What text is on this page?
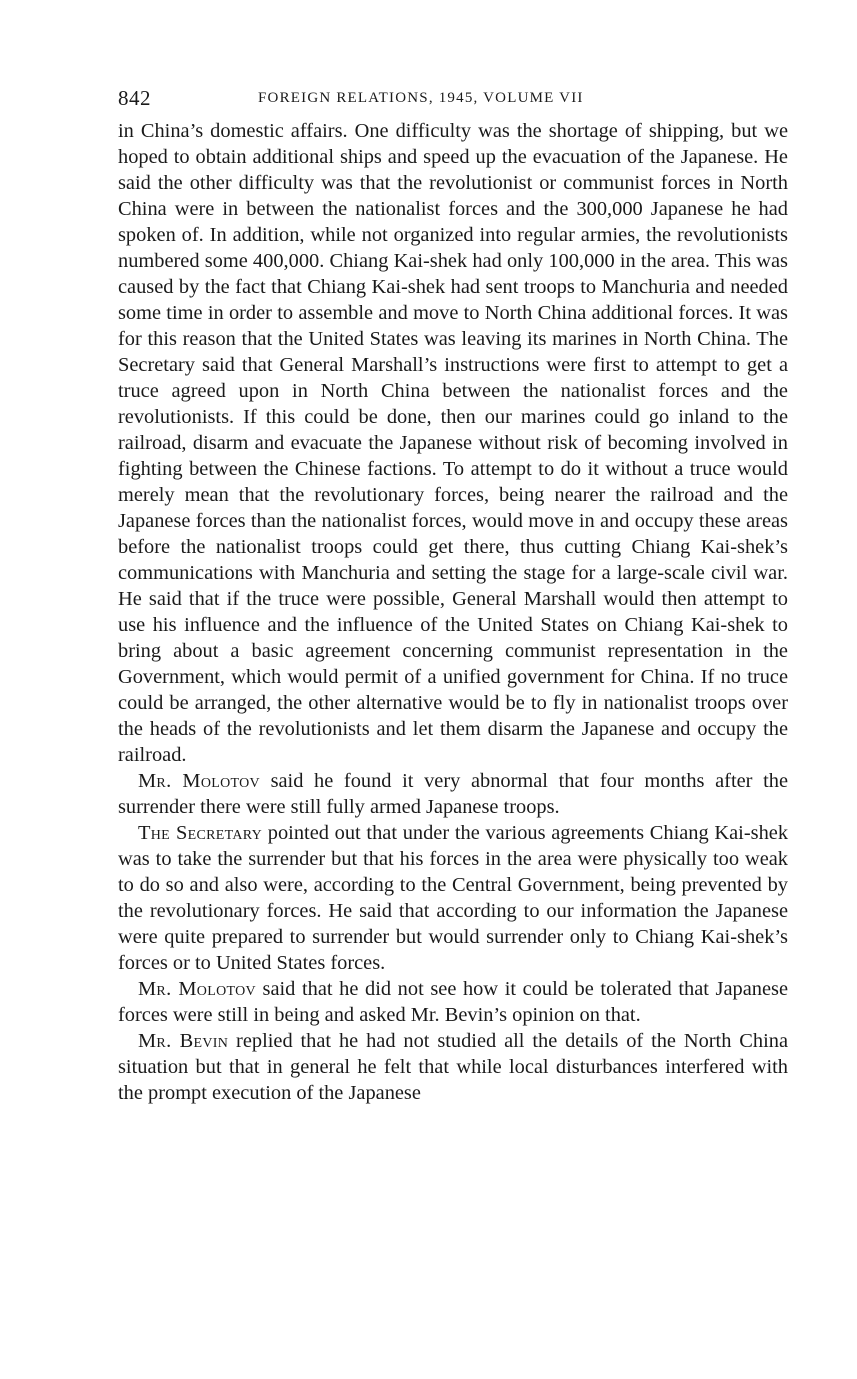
842	FOREIGN RELATIONS, 1945, VOLUME VII

in China’s domestic affairs. One difficulty was the shortage of shipping, but we hoped to obtain additional ships and speed up the evacuation of the Japanese. He said the other difficulty was that the revolutionist or communist forces in North China were in between the nationalist forces and the 300,000 Japanese he had spoken of. In addition, while not organized into regular armies, the revolutionists numbered some 400,000. Chiang Kai-shek had only 100,000 in the area. This was caused by the fact that Chiang Kai-shek had sent troops to Manchuria and needed some time in order to assemble and move to North China additional forces. It was for this reason that the United States was leaving its marines in North China. The Secretary said that General Marshall’s instructions were first to attempt to get a truce agreed upon in North China between the nationalist forces and the revolutionists. If this could be done, then our marines could go inland to the railroad, disarm and evacuate the Japanese without risk of becoming involved in fighting between the Chinese factions. To attempt to do it without a truce would merely mean that the revolutionary forces, being nearer the railroad and the Japanese forces than the nationalist forces, would move in and occupy these areas before the nationalist troops could get there, thus cutting Chiang Kai-shek’s communications with Manchuria and setting the stage for a large-scale civil war. He said that if the truce were possible, General Marshall would then attempt to use his influence and the influence of the United States on Chiang Kai-shek to bring about a basic agreement concerning communist representation in the Government, which would permit of a unified government for China. If no truce could be arranged, the other alternative would be to fly in nationalist troops over the heads of the revolutionists and let them disarm the Japanese and occupy the railroad.

Mr. Molotov said he found it very abnormal that four months after the surrender there were still fully armed Japanese troops.

The Secretary pointed out that under the various agreements Chiang Kai-shek was to take the surrender but that his forces in the area were physically too weak to do so and also were, according to the Central Government, being prevented by the revolutionary forces. He said that according to our information the Japanese were quite prepared to surrender but would surrender only to Chiang Kai-shek’s forces or to United States forces.

Mr. Molotov said that he did not see how it could be tolerated that Japanese forces were still in being and asked Mr. Bevin’s opinion on that.

Mr. Bevin replied that he had not studied all the details of the North China situation but that in general he felt that while local disturbances interfered with the prompt execution of the Japanese
